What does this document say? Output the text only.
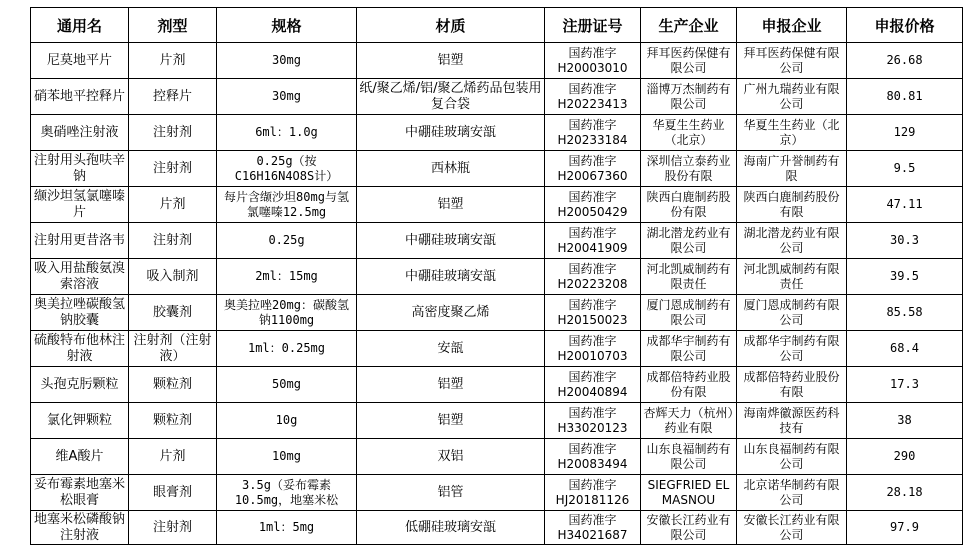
通用名	剂型	规格	材质	注册证号	生产企业	申报企业	申报价格
尼莫地平片	片剂	30mg	铝塑	国药准字H20003010	拜耳医药保健有限公司	拜耳医药保健有限公司	26.68
硝苯地平控释片	控释片	30mg	纸/聚乙烯/铝/聚乙烯药品包装用复合袋	国药准字H20223413	淄博万杰制药有限公司	广州九瑞药业有限公司	80.81
奥硝唑注射液	注射剂	6ml：1.0g	中硼硅玻璃安瓿	国药准字H20233184	华夏生生药业（北京）	华夏生生药业（北京）	129
注射用头孢呋辛钠	注射剂	0.25g（按C16H16N4O8S计）	西林瓶	国药准字H20067360	深圳信立泰药业股份有限	海南广升誉制药有限	9.5
缬沙坦氢氯噻嗪片	片剂	每片含缬沙坦80mg与氢氯噻嗪12.5mg	铝塑	国药准字H20050429	陕西白鹿制药股份有限	陕西白鹿制药股份有限	47.11
注射用更昔洛韦	注射剂	0.25g	中硼硅玻璃安瓿	国药准字H20041909	湖北潜龙药业有限公司	湖北潜龙药业有限公司	30.3
吸入用盐酸氨溴索溶液	吸入制剂	2ml：15mg	中硼硅玻璃安瓿	国药准字H20223208	河北凯威制药有限责任	河北凯威制药有限责任	39.5
奥美拉唑碳酸氢钠胶囊	胶囊剂	奥美拉唑20mg：碳酸氢钠1100mg	高密度聚乙烯	国药准字H20150023	厦门恩成制药有限公司	厦门恩成制药有限公司	85.58
硫酸特布他林注射液	注射剂（注射液）	1ml：0.25mg	安瓿	国药准字H20010703	成都华宇制药有限公司	成都华宇制药有限公司	68.4
头孢克肟颗粒	颗粒剂	50mg	铝塑	国药准字H20040894	成都倍特药业股份有限	成都倍特药业股份有限	17.3
氯化钾颗粒	颗粒剂	10g	铝塑	国药准字H33020123	杏辉天力（杭州）药业有限	海南烨徽源医药科技有	38
维A酸片	片剂	10mg	双铝	国药准字H20083494	山东良福制药有限公司	山东良福制药有限公司	290
妥布霉素地塞米松眼膏	眼膏剂	3.5g（妥布霉素10.5mg，地塞米松	铝管	国药准字HJ20181126	SIEGFRIED EL MASNOU	北京诺华制药有限公司	28.18
地塞米松磷酸钠注射液	注射剂	1ml：5mg	低硼硅玻璃安瓿	国药准字H34021687	安徽长江药业有限公司	安徽长江药业有限公司	97.9
